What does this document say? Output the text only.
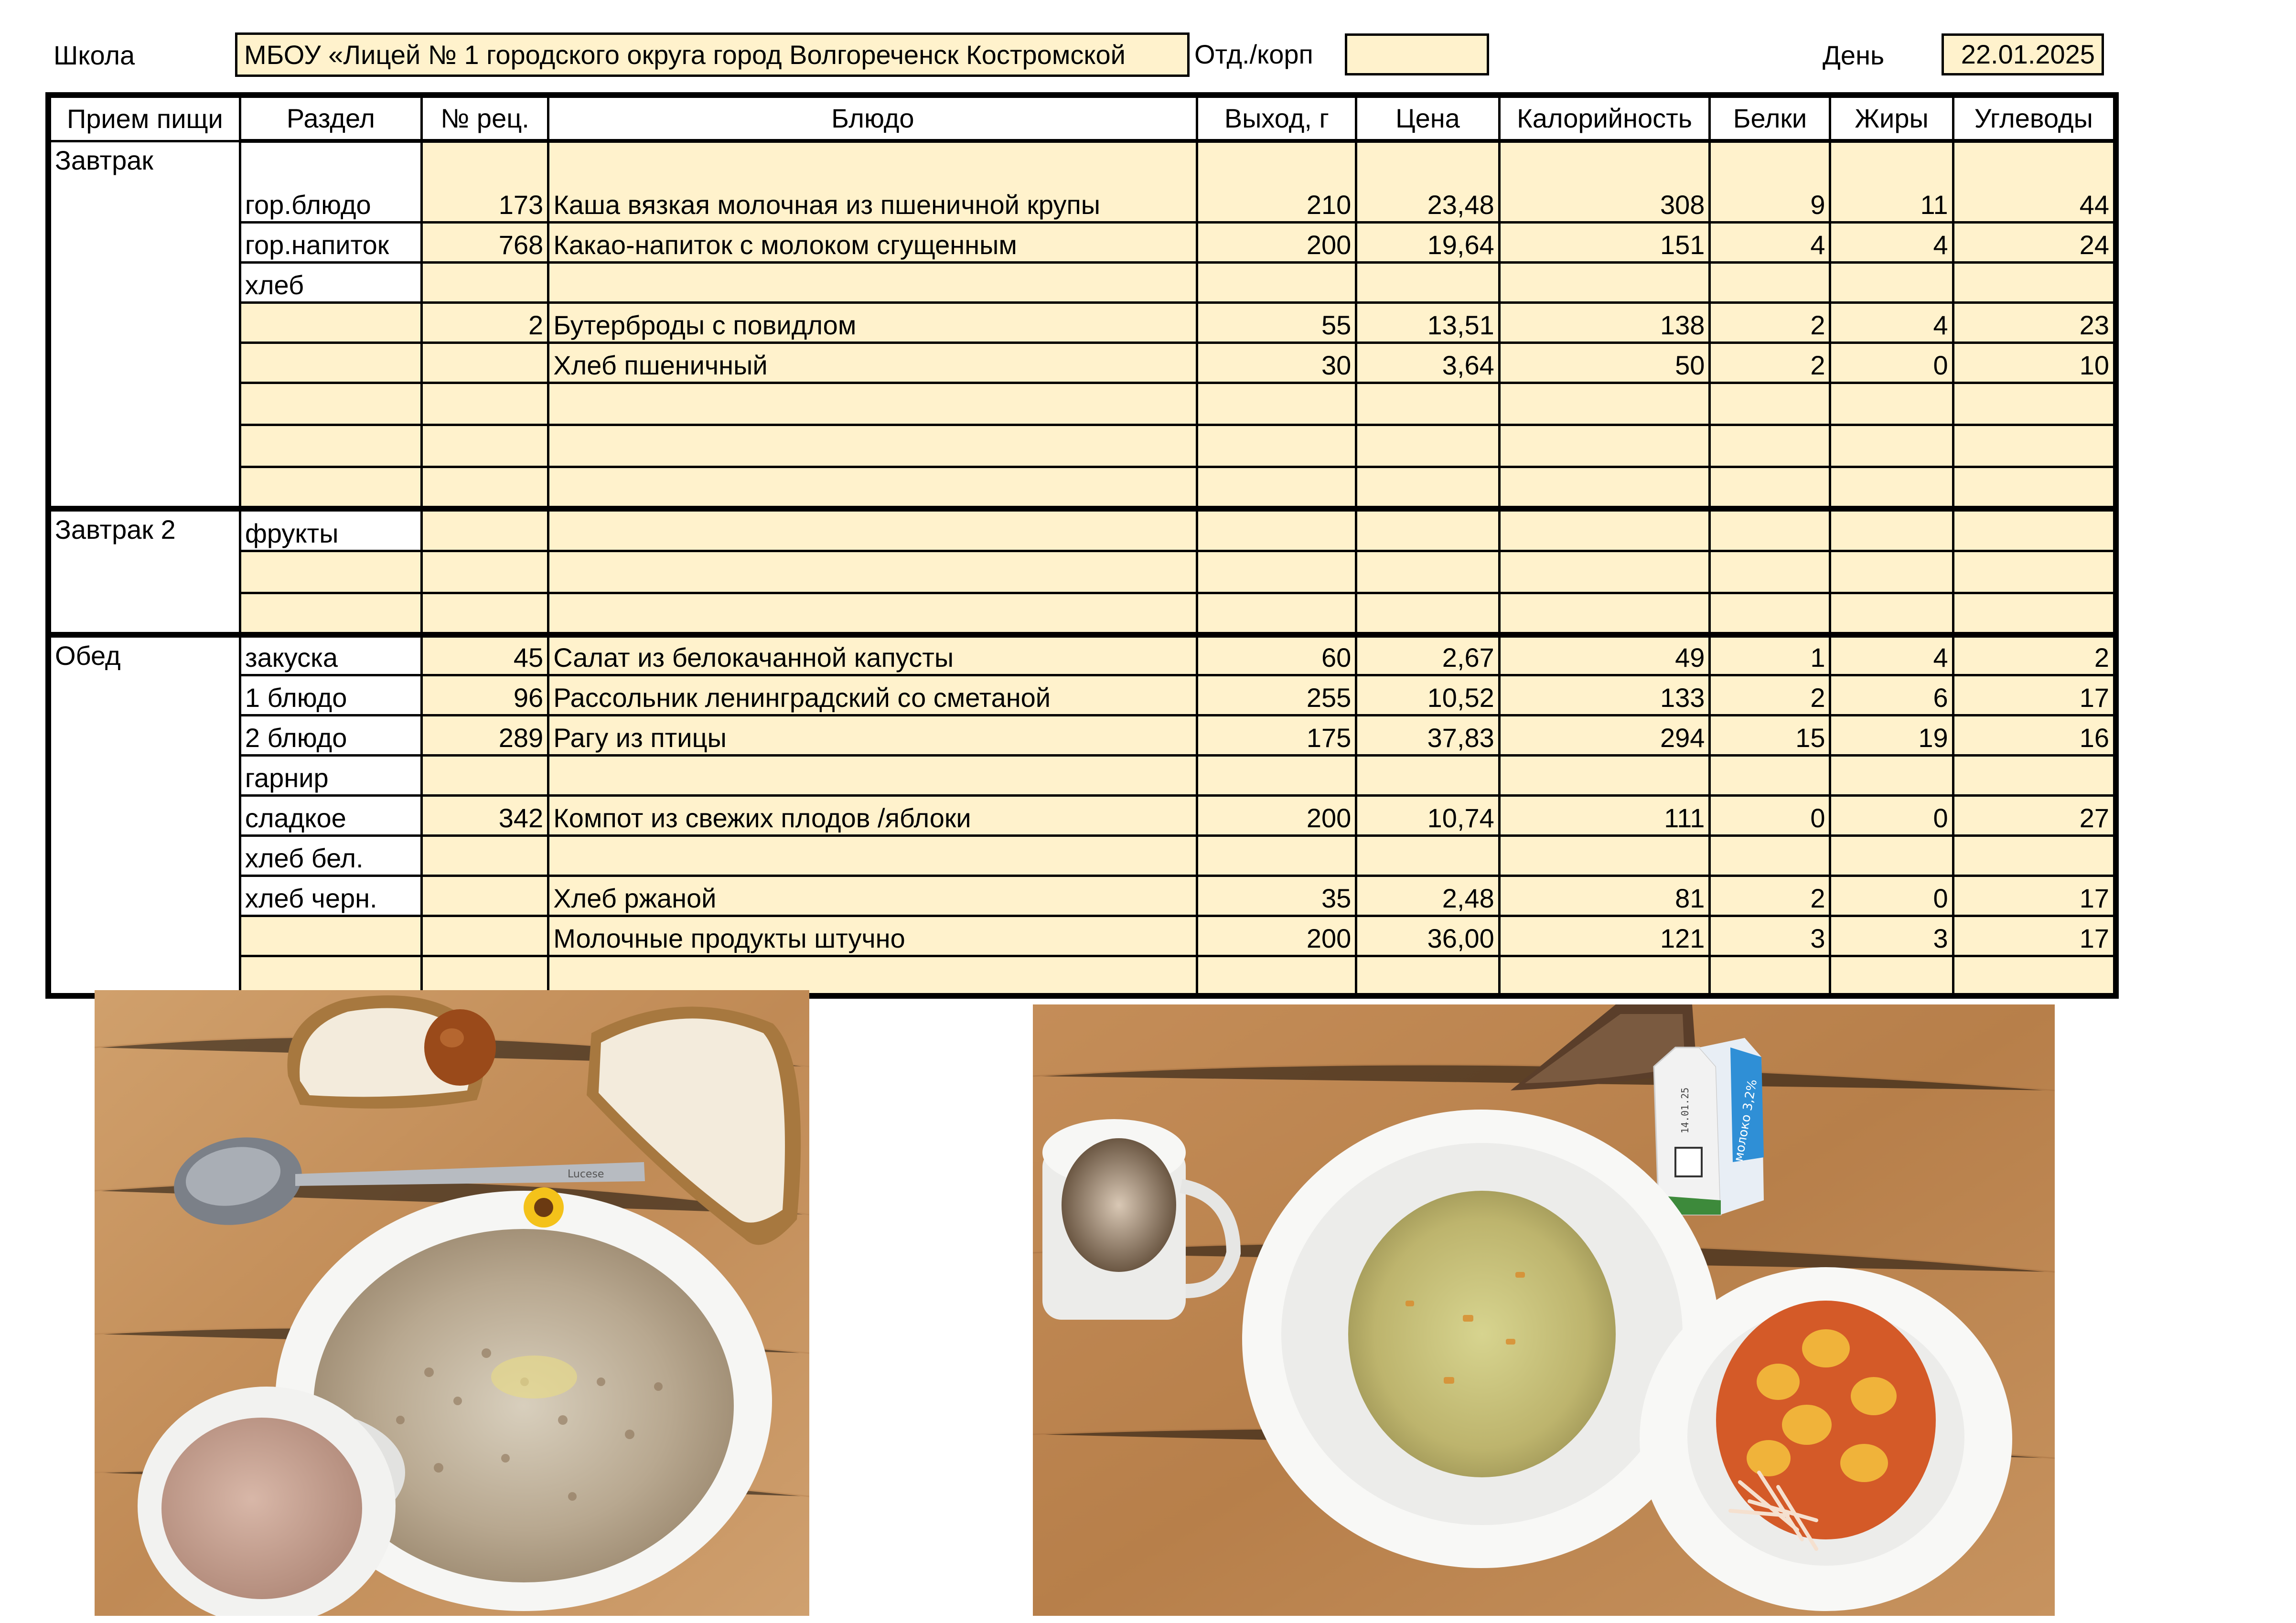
Школа	МБОУ «Лицей № 1 городского округа город Волгореченск Костромской	Отд./корп	День	22.01.2025
Прием пищи	Раздел	№ рец.	Блюдо	Выход, г	Цена	Калорийность	Белки	Жиры	Углеводы
Завтрак	гор.блюдо	173	Каша вязкая молочная из пшеничной крупы	210	23,48	308	9	11	44
	гор.напиток	768	Какао-напиток с молоком сгущенным	200	19,64	151	4	4	24
	хлеб								
		2	Бутерброды с повидлом	55	13,51	138	2	4	23
			Хлеб пшеничный	30	3,64	50	2	0	10

Завтрак 2	фрукты								

Обед	закуска	45	Салат из белокачанной капусты	60	2,67	49	1	4	2
	1 блюдо	96	Рассольник ленинградский со сметаной	255	10,52	133	2	6	17
	2 блюдо	289	Рагу из птицы	175	37,83	294	15	19	16
	гарнир								
	сладкое	342	Компот из свежих плодов /яблоки	200	10,74	111	0	0	27
	хлеб бел.								
	хлеб черн.		Хлеб ржаной	35	2,48	81	2	0	17
			Молочные продукты штучно	200	36,00	121	3	3	17

Lucese
молоко 3,2%
14.01.25
